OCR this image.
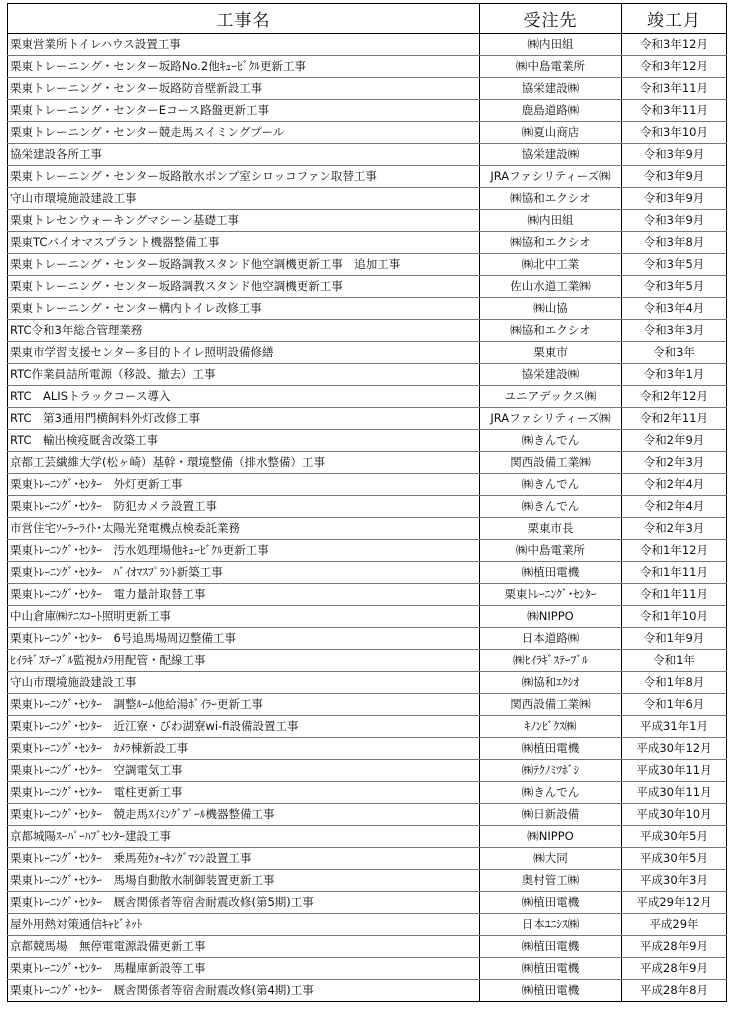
工事名	受注先	竣工月
栗東営業所トイレハウス設置工事	㈱内田組	令和3年12月
栗東トレーニング・センター坂路No.2他ｷｭｰﾋﾞｸﾙ更新工事	㈱中島電業所	令和3年12月
栗東トレーニング・センター坂路防音壁新設工事	協栄建設㈱	令和3年11月
栗東トレーニング・センターEコース路盤更新工事	鹿島道路㈱	令和3年11月
栗東トレーニング・センター競走馬スイミングプール	㈱夏山商店	令和3年10月
協栄建設各所工事	協栄建設㈱	令和3年9月
栗東トレーニング・センター坂路散水ポンプ室シロッコファン取替工事	JRAファシリティーズ㈱	令和3年9月
守山市環境施設建設工事	㈱協和エクシオ	令和3年9月
栗東トレセンウォーキングマシーン基礎工事	㈱内田組	令和3年9月
栗東TCバイオマスプラント機器整備工事	㈱協和エクシオ	令和3年8月
栗東トレーニング・センター坂路調教スタンド他空調機更新工事　追加工事	㈱北中工業	令和3年5月
栗東トレーニング・センター坂路調教スタンド他空調機更新工事	佐山水道工業㈱	令和3年5月
栗東トレーニング・センター構内トイレ改修工事	㈱山協	令和3年4月
RTC令和3年総合管理業務	㈱協和エクシオ	令和3年3月
栗東市学習支援センター多目的トイレ照明設備修繕	栗東市	令和3年
RTC作業員詰所電源（移設、撤去）工事	協栄建設㈱	令和3年1月
RTC　ALISトラックコース導入	ユニアデックス㈱	令和2年12月
RTC　第3通用門横飼料外灯改修工事	JRAファシリティーズ㈱	令和2年11月
RTC　輸出検疫厩舎改築工事	㈱きんでん	令和2年9月
京都工芸繊維大学(松ヶ崎）基幹・環境整備（排水整備）工事	関西設備工業㈱	令和2年3月
栗東ﾄﾚｰﾆﾝｸﾞ･ｾﾝﾀｰ　外灯更新工事	㈱きんでん	令和2年4月
栗東ﾄﾚｰﾆﾝｸﾞ･ｾﾝﾀｰ　防犯カメラ設置工事	㈱きんでん	令和2年4月
市営住宅ｿｰﾗｰﾗｲﾄ･太陽光発電機点検委託業務	栗東市長	令和2年3月
栗東ﾄﾚｰﾆﾝｸﾞ･ｾﾝﾀｰ　汚水処理場他ｷｭｰﾋﾞｸﾙ更新工事	㈱中島電業所	令和1年12月
栗東ﾄﾚｰﾆﾝｸﾞ･ｾﾝﾀｰ　ﾊﾞｲｵﾏｽﾌﾟﾗﾝﾄ新築工事	㈱植田電機	令和1年11月
栗東ﾄﾚｰﾆﾝｸﾞ･ｾﾝﾀｰ　電力量計取替工事	栗東ﾄﾚｰﾆﾝｸﾞ･ｾﾝﾀｰ	令和1年11月
中山倉庫㈱ﾃﾆｽｺｰﾄ照明更新工事	㈱NIPPO	令和1年10月
栗東ﾄﾚｰﾆﾝｸﾞ･ｾﾝﾀｰ　6号追馬場周辺整備工事	日本道路㈱	令和1年9月
ﾋｲﾗｷﾞｽﾃｰﾌﾞﾙ監視ｶﾒﾗ用配管・配線工事	㈱ﾋｲﾗｷﾞｽﾃｰﾌﾞﾙ	令和1年
守山市環境施設建設工事	㈱協和ｴｸｼｵ	令和1年8月
栗東ﾄﾚｰﾆﾝｸﾞ･ｾﾝﾀｰ　調整ﾙｰﾑ他給湯ﾎﾞｲﾗｰ更新工事	関西設備工業㈱	令和1年6月
栗東ﾄﾚｰﾆﾝｸﾞ･ｾﾝﾀｰ　近江寮・びわ湖寮wi-fi設備設置工事	ｷﾉﾝﾋﾞｸｽ㈱	平成31年1月
栗東ﾄﾚｰﾆﾝｸﾞ･ｾﾝﾀｰ　ｶﾒﾗ棟新設工事	㈱植田電機	平成30年12月
栗東ﾄﾚｰﾆﾝｸﾞ･ｾﾝﾀｰ　空調電気工事	㈱ﾃｸﾉﾐﾂﾎﾞｼ	平成30年11月
栗東ﾄﾚｰﾆﾝｸﾞ･ｾﾝﾀｰ　電柱更新工事	㈱きんでん	平成30年11月
栗東ﾄﾚｰﾆﾝｸﾞ･ｾﾝﾀｰ　競走馬ｽｲﾐﾝｸﾞﾌﾟｰﾙ機器整備工事	㈱日新設備	平成30年10月
京都城陽ｽｰﾊﾟｰﾊﾌﾞｾﾝﾀｰ建設工事	㈱NIPPO	平成30年5月
栗東ﾄﾚｰﾆﾝｸﾞ･ｾﾝﾀｰ　乗馬苑ｳｫｰｷﾝｸﾞﾏｼﾝ設置工事	㈱大同	平成30年5月
栗東ﾄﾚｰﾆﾝｸﾞ･ｾﾝﾀｰ　馬場自動散水制御装置更新工事	奥村管工㈱	平成30年3月
栗東ﾄﾚｰﾆﾝｸﾞ･ｾﾝﾀｰ　厩舎関係者等宿舎耐震改修(第5期)工事	㈱植田電機	平成29年12月
屋外用熱対策通信ｷｬﾋﾞﾈｯﾄ	日本ﾕﾆｼｽ㈱	平成29年
京都競馬場　無停電電源設備更新工事	㈱植田電機	平成28年9月
栗東ﾄﾚｰﾆﾝｸﾞ･ｾﾝﾀｰ　馬糧庫新設等工事	㈱植田電機	平成28年9月
栗東ﾄﾚｰﾆﾝｸﾞ･ｾﾝﾀｰ　厩舎関係者等宿舎耐震改修(第4期)工事	㈱植田電機	平成28年8月
